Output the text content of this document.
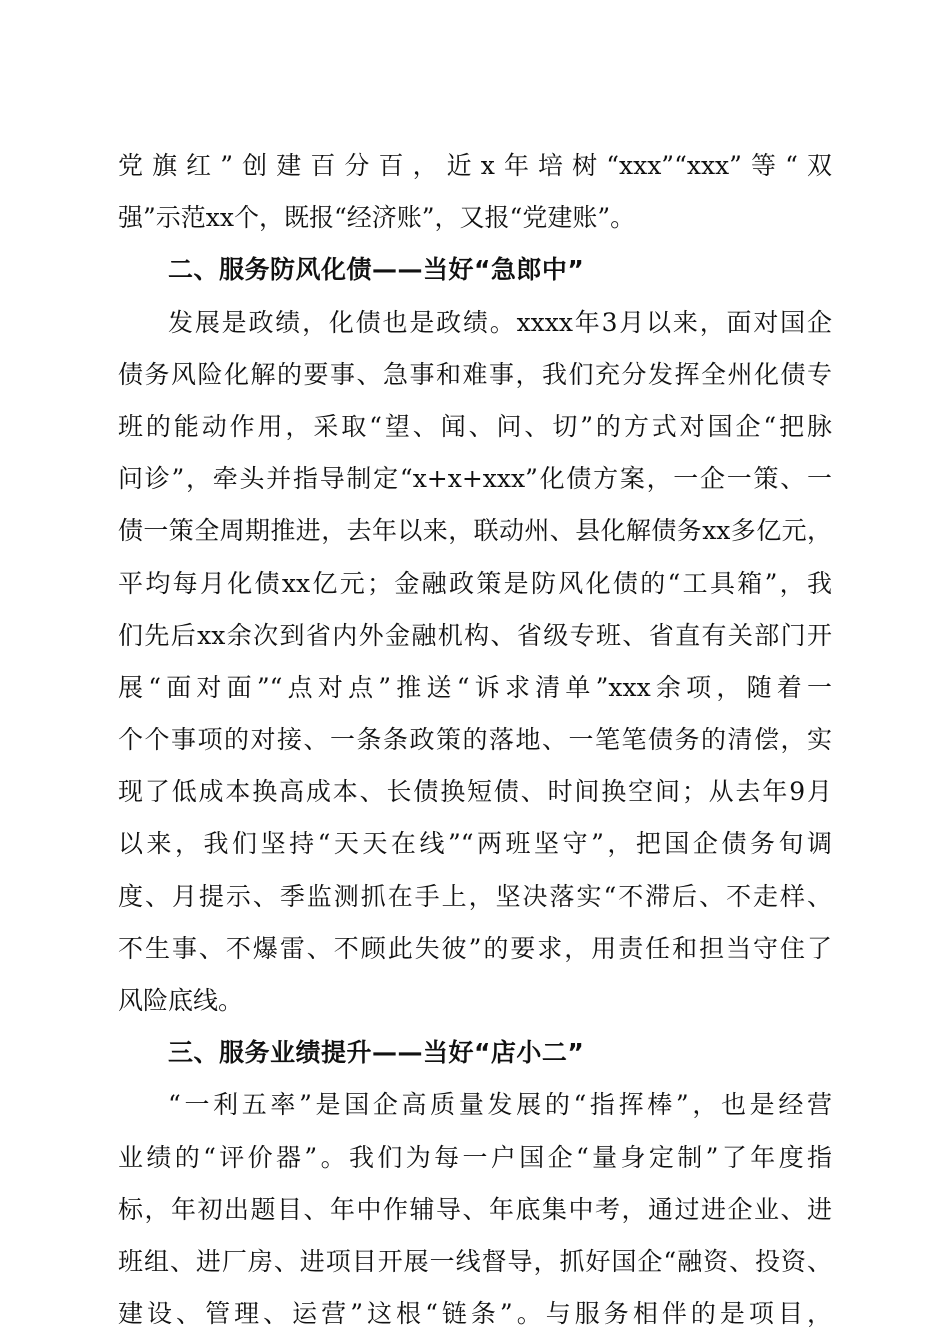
党旗红”创建百分百，近x年培树“xxx”“xxx”等“双
强”示范xx个，既报“经济账”，又报“党建账”。
二、服务防风化债——当好“急郎中”
发展是政绩，化债也是政绩。xxxx年3月以来，面对国企
债务风险化解的要事、急事和难事，我们充分发挥全州化债专
班的能动作用，采取“望、闻、问、切”的方式对国企“把脉
问诊”，牵头并指导制定“x+x+xxx”化债方案，一企一策、一
债一策全周期推进，去年以来，联动州、县化解债务xx多亿元，
平均每月化债xx亿元；金融政策是防风化债的“工具箱”，我
们先后xx余次到省内外金融机构、省级专班、省直有关部门开
展“面对面”“点对点”推送“诉求清单”xxx余项，随着一
个个事项的对接、一条条政策的落地、一笔笔债务的清偿，实
现了低成本换高成本、长债换短债、时间换空间；从去年9月
以来，我们坚持“天天在线”“两班坚守”，把国企债务旬调
度、月提示、季监测抓在手上，坚决落实“不滞后、不走样、
不生事、不爆雷、不顾此失彼”的要求，用责任和担当守住了
风险底线。
三、服务业绩提升——当好“店小二”
“一利五率”是国企高质量发展的“指挥棒”，也是经营
业绩的“评价器”。我们为每一户国企“量身定制”了年度指
标，年初出题目、年中作辅导、年底集中考，通过进企业、进
班组、进厂房、进项目开展一线督导，抓好国企“融资、投资、
建设、管理、运营”这根“链条”。与服务相伴的是项目，
